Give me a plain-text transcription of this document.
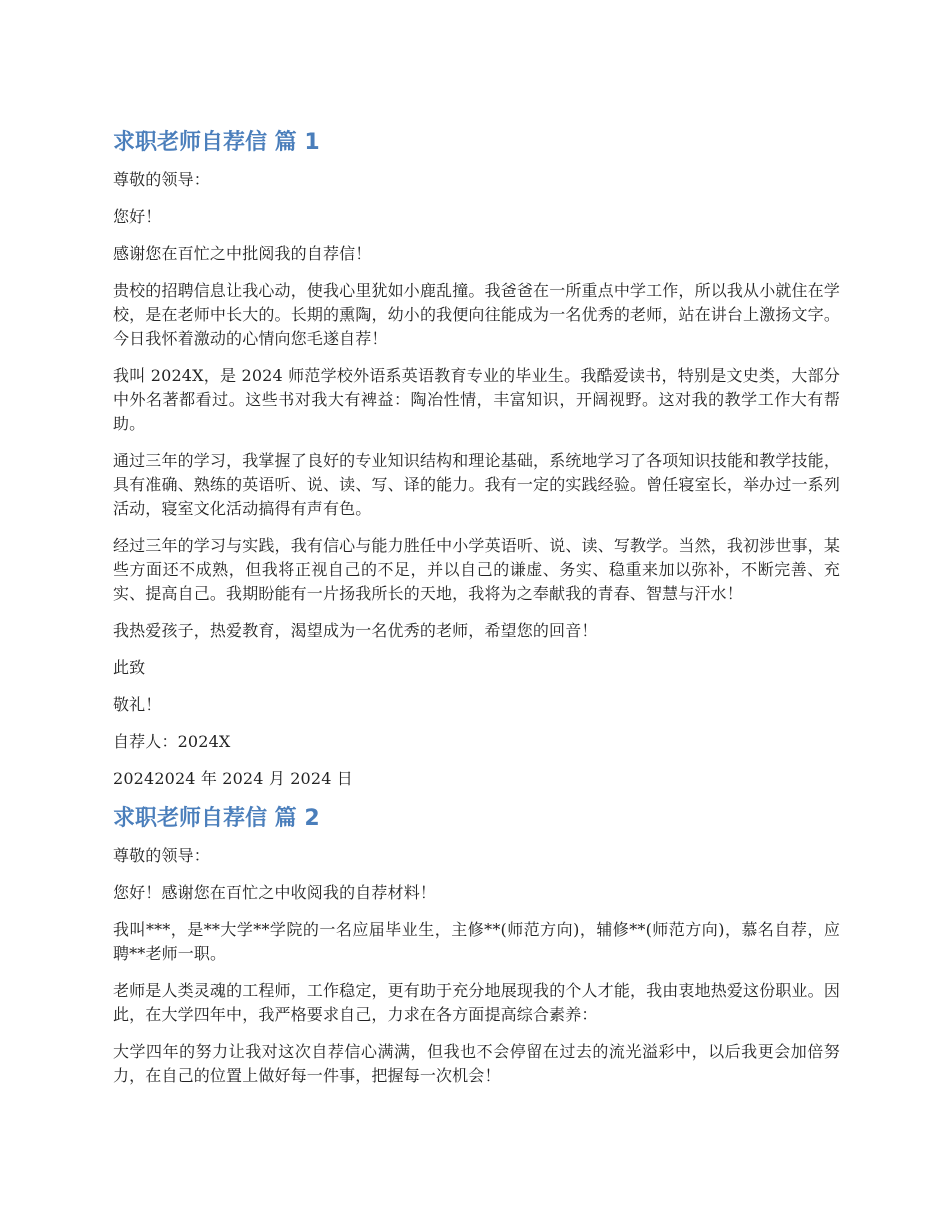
求职老师自荐信 篇 1

尊敬的领导：

您好！

感谢您在百忙之中批阅我的自荐信！

贵校的招聘信息让我心动，使我心里犹如小鹿乱撞。我爸爸在一所重点中学工作，所以我从小就住在学校，是在老师中长大的。长期的熏陶，幼小的我便向往能成为一名优秀的老师，站在讲台上激扬文字。今日我怀着激动的心情向您毛遂自荐！

我叫 2024X，是 2024 师范学校外语系英语教育专业的毕业生。我酷爱读书，特别是文史类，大部分中外名著都看过。这些书对我大有裨益：陶冶性情，丰富知识，开阔视野。这对我的教学工作大有帮助。

通过三年的学习，我掌握了良好的专业知识结构和理论基础，系统地学习了各项知识技能和教学技能，具有准确、熟练的英语听、说、读、写、译的能力。我有一定的实践经验。曾任寝室长，举办过一系列活动，寝室文化活动搞得有声有色。

经过三年的学习与实践，我有信心与能力胜任中小学英语听、说、读、写教学。当然，我初涉世事，某些方面还不成熟，但我将正视自己的不足，并以自己的谦虚、务实、稳重来加以弥补，不断完善、充实、提高自己。我期盼能有一片扬我所长的天地，我将为之奉献我的青春、智慧与汗水！

我热爱孩子，热爱教育，渴望成为一名优秀的老师，希望您的回音！

此致

敬礼！

自荐人：2024X

20242024 年 2024 月 2024 日

求职老师自荐信 篇 2

尊敬的领导：

您好！感谢您在百忙之中收阅我的自荐材料！

我叫***，是**大学**学院的一名应届毕业生，主修**(师范方向)，辅修**(师范方向)，慕名自荐，应聘**老师一职。

老师是人类灵魂的工程师，工作稳定，更有助于充分地展现我的个人才能，我由衷地热爱这份职业。因此，在大学四年中，我严格要求自己，力求在各方面提高综合素养：

大学四年的努力让我对这次自荐信心满满，但我也不会停留在过去的流光溢彩中，以后我更会加倍努力，在自己的位置上做好每一件事，把握每一次机会！
